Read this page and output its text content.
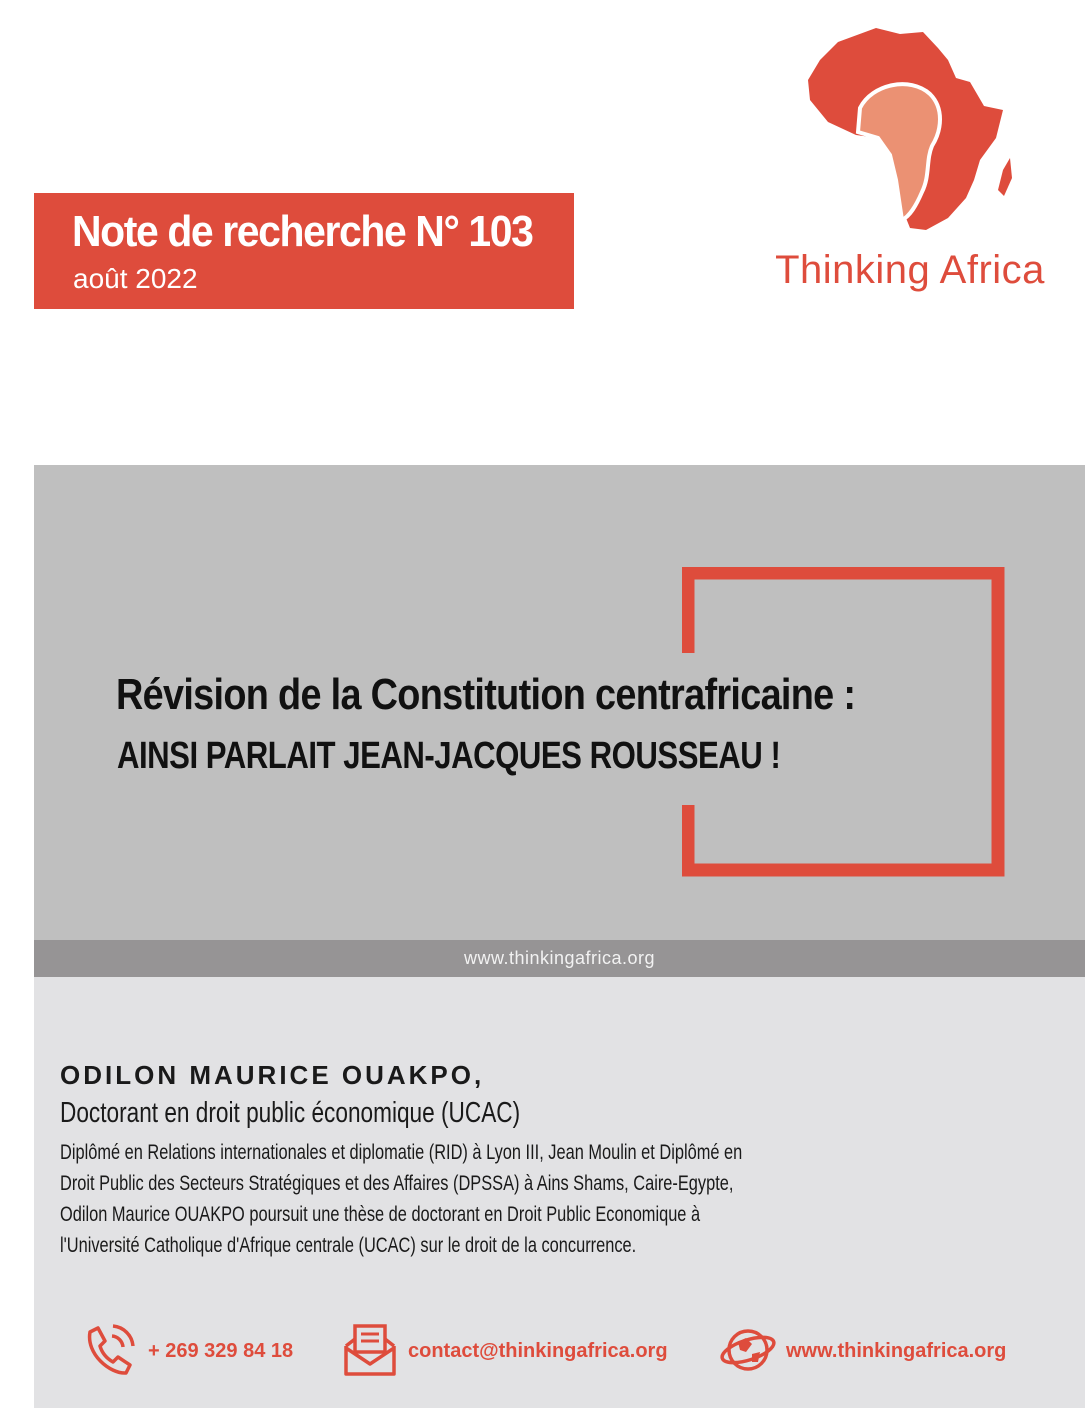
Note de recherche N° 103
août 2022	Thinking Africa
Révision de la Constitution centrafricaine :
AINSI PARLAIT JEAN-JACQUES ROUSSEAU !
www.thinkingafrica.org
ODILON MAURICE OUAKPO,
Doctorant en droit public économique (UCAC)
Diplômé en Relations internationales et diplomatie (RID) à Lyon III, Jean Moulin et Diplômé en
Droit Public des Secteurs Stratégiques et des Affaires (DPSSA) à Ains Shams, Caire-Egypte,
Odilon Maurice OUAKPO poursuit une thèse de doctorant en Droit Public Economique à
l'Université Catholique d'Afrique centrale (UCAC) sur le droit de la concurrence.
+ 269 329 84 18	contact@thinkingafrica.org	www.thinkingafrica.org
